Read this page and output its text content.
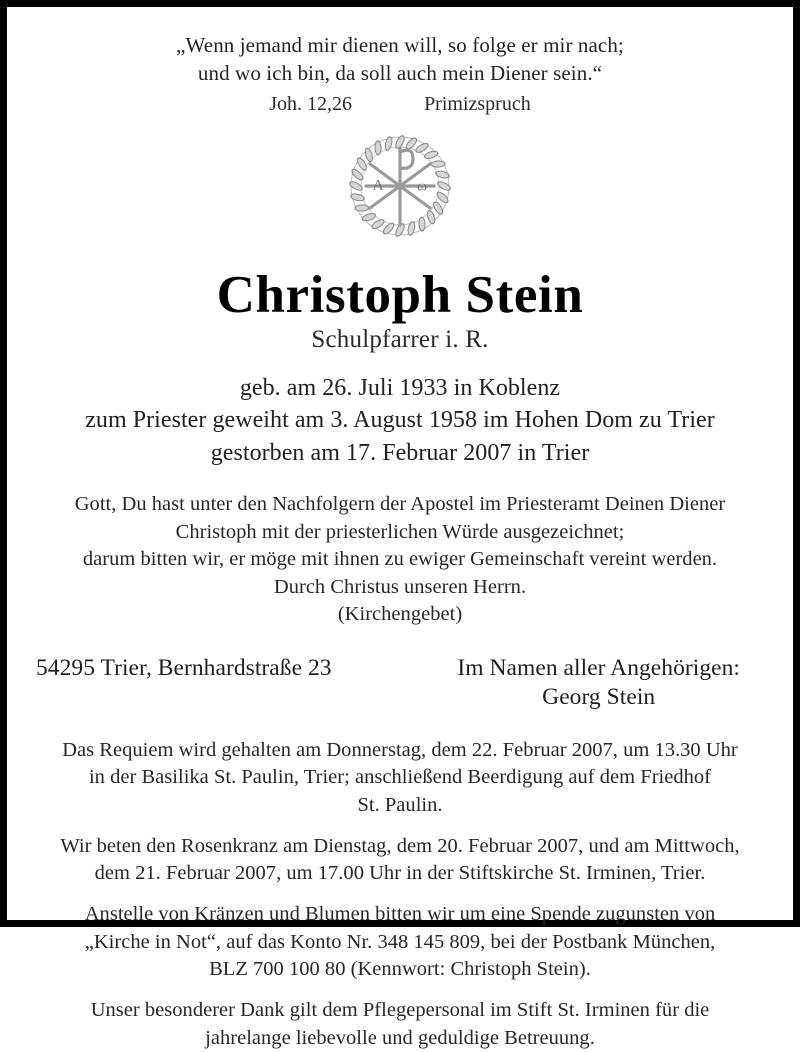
„Wenn jemand mir dienen will, so folge er mir nach;
und wo ich bin, da soll auch mein Diener sein.“
Joh. 12,26	Primizspruch
A ω
Christoph Stein
Schulpfarrer i. R.
geb. am 26. Juli 1933 in Koblenz
zum Priester geweiht am 3. August 1958 im Hohen Dom zu Trier
gestorben am 17. Februar 2007 in Trier
Gott, Du hast unter den Nachfolgern der Apostel im Priesteramt Deinen Diener
Christoph mit der priesterlichen Würde ausgezeichnet;
darum bitten wir, er möge mit ihnen zu ewiger Gemeinschaft vereint werden.
Durch Christus unseren Herrn.
(Kirchengebet)
54295 Trier, Bernhardstraße 23	Im Namen aller Angehörigen:
Georg Stein
Das Requiem wird gehalten am Donnerstag, dem 22. Februar 2007, um 13.30 Uhr
in der Basilika St. Paulin, Trier; anschließend Beerdigung auf dem Friedhof
St. Paulin.
Wir beten den Rosenkranz am Dienstag, dem 20. Februar 2007, und am Mittwoch,
dem 21. Februar 2007, um 17.00 Uhr in der Stiftskirche St. Irminen, Trier.
Anstelle von Kränzen und Blumen bitten wir um eine Spende zugunsten von
„Kirche in Not“, auf das Konto Nr. 348 145 809, bei der Postbank München,
BLZ 700 100 80 (Kennwort: Christoph Stein).
Unser besonderer Dank gilt dem Pflegepersonal im Stift St. Irminen für die
jahrelange liebevolle und geduldige Betreuung.
